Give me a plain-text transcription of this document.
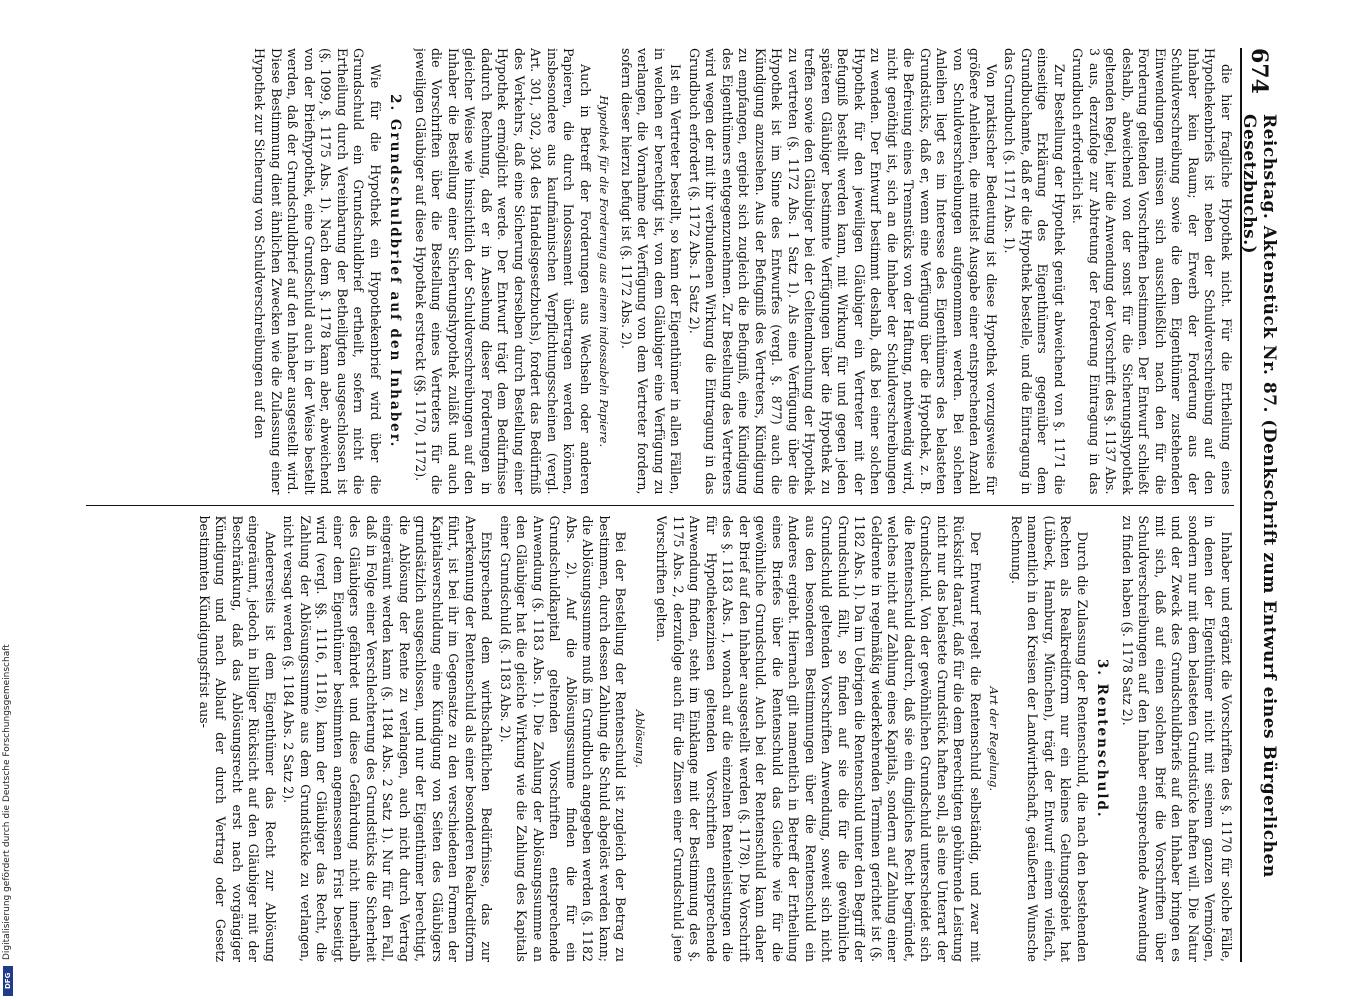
674
Reichstag. Aktenstück Nr. 87. (Denkschrift zum Entwurf eines Bürgerlichen Gesetzbuchs.)

die hier fragliche Hypothek nicht. Für die Ertheilung eines Hypothekenbriefs ist neben der Schuldverschreibung auf den Inhaber kein Raum; der Erwerb der Forderung aus der Schuldverschreibung sowie die dem Eigenthümer zustehenden Einwendungen müssen sich ausschließlich nach den für die Forderung geltenden Vorschriften bestimmen. Der Entwurf schließt deshalb, abweichend von der sonst für die Sicherungshypothek geltenden Regel, hier die Anwendung der Vorschrift des §. 1137 Abs. 3 aus, derzufolge zur Abtretung der Forderung Eintragung in das Grundbuch erforderlich ist.

Zur Bestellung der Hypothek genügt abweichend von §. 1171 die einseitige Erklärung des Eigenthümers gegenüber dem Grundbuchamte, daß er die Hypothek bestelle, und die Eintragung in das Grundbuch (§. 1171 Abs. 1).

Von praktischer Bedeutung ist diese Hypothek vorzugsweise für größere Anleihen, die mittelst Ausgabe einer entsprechenden Anzahl von Schuldverschreibungen aufgenommen werden. Bei solchen Anleihen liegt es im Interesse des Eigenthümers des belasteten Grundstücks, daß er, wenn eine Verfügung über die Hypothek, z. B. die Befreiung eines Trennstücks von der Haftung, nothwendig wird, nicht genöthigt ist, sich an die Inhaber der Schuldverschreibungen zu wenden. Der Entwurf bestimmt deshalb, daß bei einer solchen Hypothek für den jeweiligen Gläubiger ein Vertreter mit der Befugniß bestellt werden kann, mit Wirkung für und gegen jeden späteren Gläubiger bestimmte Verfügungen über die Hypothek zu treffen sowie den Gläubiger bei der Geltendmachung der Hypothek zu vertreten (§. 1172 Abs. 1 Satz 1). Als eine Verfügung über die Hypothek ist im Sinne des Entwurfes (vergl. §. 877) auch die Kündigung anzusehen. Aus der Befugniß des Vertreters, Kündigung zu empfangen, ergiebt sich zugleich die Befugniß, eine Kündigung des Eigenthümers entgegenzunehmen. Zur Bestellung des Vertreters wird wegen der mit ihr verbundenen Wirkung die Eintragung in das Grundbuch erfordert (§. 1172 Abs. 1 Satz 2).

Ist ein Vertreter bestellt, so kann der Eigenthümer in allen Fällen, in welchen er berechtigt ist, von dem Gläubiger eine Verfügung zu verlangen, die Vornahme der Verfügung von dem Vertreter fordern, sofern dieser hierzu befugt ist (§. 1172 Abs. 2).

Hypothek für die Forderung aus einem indossabeln Papiere.

Auch in Betreff der Forderungen aus Wechseln oder anderen Papieren, die durch Indossament übertragen werden können, insbesondere aus kaufmännischen Verpflichtungsscheinen (vergl. Art. 301, 302, 304 des Handelsgesetzbuchs), fordert das Bedürfniß des Verkehrs, daß eine Sicherung derselben durch Bestellung einer Hypothek ermöglicht werde. Der Entwurf trägt dem Bedürfnisse dadurch Rechnung, daß er in Ansehung dieser Forderungen in gleicher Weise wie hinsichtlich der Schuldverschreibungen auf den Inhaber die Bestellung einer Sicherungshypothek zuläßt und auch die Vorschriften über die Bestellung eines Vertreters für die jeweiligen Gläubiger auf diese Hypothek erstreckt (§§. 1170, 1172).

2. Grundschuldbrief auf den Inhaber.

Wie für die Hypothek ein Hypothekenbrief wird über die Grundschuld ein Grundschuldbrief ertheilt, sofern nicht die Ertheilung durch Vereinbarung der Betheiligten ausgeschlossen ist (§. 1099, §. 1175 Abs. 1). Nach dem §. 1178 kann aber, abweichend von der Briefhypothek, eine Grundschuld auch in der Weise bestellt werden, daß der Grundschuldbrief auf den Inhaber ausgestellt wird. Diese Bestimmung dient ähnlichen Zwecken wie die Zulassung einer Hypothek zur Sicherung von Schuldverschreibungen auf den

Inhaber und ergänzt die Vorschriften des §. 1170 für solche Fälle, in denen der Eigenthümer nicht mit seinem ganzen Vermögen, sondern nur mit dem belasteten Grundstücke haften will. Die Natur und der Zweck des Grundschuldbriefs auf den Inhaber bringen es mit sich, daß auf einen solchen Brief die Vorschriften über Schuldverschreibungen auf den Inhaber entsprechende Anwendung zu finden haben (§. 1178 Satz 2).

3. Rentenschuld.

Durch die Zulassung der Rentenschuld, die nach den bestehenden Rechten als Realkreditform nur ein kleines Geltungsgebiet hat (Lübeck, Hamburg, München), trägt der Entwurf einem vielfach, namentlich in den Kreisen der Landwirthschaft, geäußerten Wunsche Rechnung.

Art der Regelung.

Der Entwurf regelt die Rentenschuld selbständig, und zwar mit Rücksicht darauf, daß für die dem Berechtigten gebührende Leistung nicht nur das belastete Grundstück haften soll, als eine Unterart der Grundschuld. Von der gewöhnlichen Grundschuld unterscheidet sich die Rentenschuld dadurch, daß sie ein dingliches Recht begründet, welches nicht auf Zahlung eines Kapitals, sondern auf Zahlung einer Geldrente in regelmäßig wiederkehrenden Terminen gerichtet ist (§. 1182 Abs. 1). Da im Uebrigen die Rentenschuld unter den Begriff der Grundschuld fällt, so finden auf sie die für die gewöhnliche Grundschuld geltenden Vorschriften Anwendung, soweit sich nicht aus den besonderen Bestimmungen über die Rentenschuld ein Anderes ergiebt. Hiernach gilt namentlich in Betreff der Ertheilung eines Briefes über die Rentenschuld das Gleiche wie für die gewöhnliche Grundschuld. Auch bei der Rentenschuld kann daher der Brief auf den Inhaber ausgestellt werden (§. 1178). Die Vorschrift des §. 1183 Abs. 1, wonach auf die einzelnen Rentenleistungen die für Hypothekenzinsen geltenden Vorschriften entsprechende Anwendung finden, steht im Einklange mit der Bestimmung des §. 1175 Abs. 2, derzufolge auch für die Zinsen einer Grundschuld jene Vorschriften gelten.

Ablösung.

Bei der Bestellung der Rentenschuld ist zugleich der Betrag zu bestimmen, durch dessen Zahlung die Schuld abgelöst werden kann; die Ablösungssumme muß im Grundbuch angegeben werden (§. 1182 Abs. 2). Auf die Ablösungssumme finden die für ein Grundschuldkapital geltenden Vorschriften entsprechende Anwendung (§. 1183 Abs. 1). Die Zahlung der Ablösungssumme an den Gläubiger hat die gleiche Wirkung wie die Zahlung des Kapitals einer Grundschuld (§. 1183 Abs. 2).

Entsprechend dem wirthschaftlichen Bedürfnisse, das zur Anerkennung der Rentenschuld als einer besonderen Realkreditform führt, ist bei ihr im Gegensatze zu den verschiedenen Formen der Kapitalsverschuldung eine Kündigung von Seiten des Gläubigers grundsätzlich ausgeschlossen, und nur der Eigenthümer berechtigt, die Ablösung der Rente zu verlangen, auch nicht durch Vertrag eingeräumt werden kann (§. 1184 Abs. 2 Satz 1). Nur für den Fall, daß in Folge einer Verschlechterung des Grundstücks die Sicherheit des Gläubigers gefährdet und diese Gefährdung nicht innerhalb einer dem Eigenthümer bestimmten angemessenen Frist beseitigt wird (vergl. §§. 1116, 1118), kann der Gläubiger das Recht, die Zahlung der Ablösungssumme aus dem Grundstücke zu verlangen, nicht versagt werden (§. 1184 Abs. 2 Satz 2).

Andererseits ist dem Eigenthümer das Recht zur Ablösung eingeräumt, jedoch in billiger Rücksicht auf den Gläubiger mit der Beschränkung, daß das Ablösungsrecht erst nach vorgängiger Kündigung und nach Ablauf der durch Vertrag oder Gesetz bestimmten Kündigungsfrist aus-

Digitalisierung gefördert durch die Deutsche Forschungsgemeinschaft
DFG
